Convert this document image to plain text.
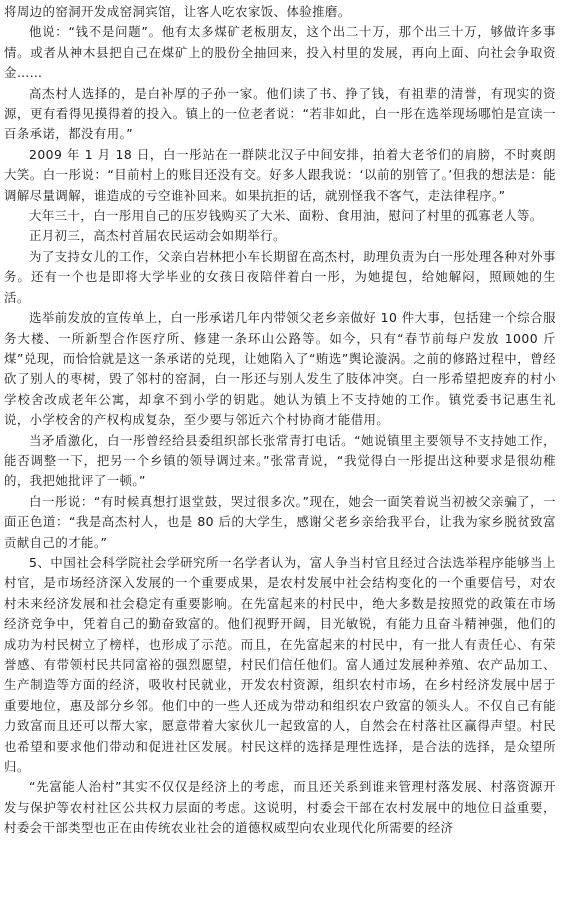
将周边的窑洞开发成窑洞宾馆，让客人吃农家饭、体验推磨。

他说：“钱不是问题”。他有太多煤矿老板朋友，这个出二十万，那个出三十万，够做许多事情。或者从神木县把自己在煤矿上的股份全抽回来，投入村里的发展，再向上面、向社会争取资金……

高杰村人选择的，是白补厚的子孙一家。他们读了书、挣了钱，有祖辈的清誉，有现实的资源，更有看得见摸得着的投入。镇上的一位老者说：“若非如此，白一彤在选举现场哪怕是宣读一百条承诺，都没有用。”

2009 年 1 月 18 日，白一彤站在一群陕北汉子中间安排，拍着大老爷们的肩膀，不时爽朗大笑。白一彤说：“目前村上的账目还没有交。好多人跟我说：‘以前的别管了。’但我的想法是：能调解尽量调解，谁造成的亏空谁补回来。如果抗拒的话，就别怪我不客气，走法律程序。”

大年三十，白一彤用自己的压岁钱购买了大米、面粉、食用油，慰问了村里的孤寡老人等。

正月初三，高杰村首届农民运动会如期举行。

为了支持女儿的工作，父亲白岩林把小车长期留在高杰村，助理负责为白一彤处理各种对外事务。还有一个也是即将大学毕业的女孩日夜陪伴着白一彤，为她提包，给她解闷，照顾她的生活。

选举前发放的宣传单上，白一彤承诺几年内带领父老乡亲做好 10 件大事，包括建一个综合服务大楼、一所新型合作医疗所、修建一条环山公路等。如今，只有“春节前每户发放 1000 斤煤”兑现，而恰恰就是这一条承诺的兑现，让她陷入了“贿选”舆论漩涡。之前的修路过程中，曾经砍了别人的枣树，毁了邻村的窑洞，白一彤还与别人发生了肢体冲突。白一彤希望把废弃的村小学校舍改成老年公寓，却拿不到小学的钥匙。她认为镇上不支持她的工作。镇党委书记惠生礼说，小学校舍的产权构成复杂，至少要与邻近六个村协商才能借用。

当矛盾激化，白一彤曾经给县委组织部长张常青打电话。“她说镇里主要领导不支持她工作，能否调整一下，把另一个乡镇的领导调过来。”张常青说，“我觉得白一彤提出这种要求是很幼稚的，我把她批评了一顿。”

白一彤说：“有时候真想打退堂鼓，哭过很多次。”现在，她会一面笑着说当初被父亲骗了，一面正色道：“我是高杰村人，也是 80 后的大学生，感谢父老乡亲给我平台，让我为家乡脱贫致富贡献自己的才能。”

5、中国社会科学院社会学研究所一名学者认为，富人争当村官且经过合法选举程序能够当上村官，是市场经济深入发展的一个重要成果，是农村发展中社会结构变化的一个重要信号，对农村未来经济发展和社会稳定有重要影响。在先富起来的村民中，绝大多数是按照党的政策在市场经济竞争中，凭着自己的勤奋致富的。他们视野开阔，目光敏锐，有能力且奋斗精神强，他们的成功为村民树立了榜样，也形成了示范。而且，在先富起来的村民中，有一批人有责任心、有荣誉感、有带领村民共同富裕的强烈愿望，村民们信任他们。富人通过发展种养殖、农产品加工、生产制造等方面的经济，吸收村民就业，开发农村资源，组织农村市场，在乡村经济发展中居于重要地位，惠及部分乡邻。他们中的一些人还成为带动和组织农户致富的领头人。不仅自己有能力致富而且还可以帮大家，愿意带着大家伙儿一起致富的人，自然会在村落社区赢得声望。村民也希望和要求他们带动和促进社区发展。村民这样的选择是理性选择，是合法的选择，是众望所归。

“先富能人治村”其实不仅仅是经济上的考虑，而且还关系到谁来管理村落发展、村落资源开发与保护等农村社区公共权力层面的考虑。这说明，村委会干部在农村发展中的地位日益重要，村委会干部类型也正在由传统农业社会的道德权威型向农业现代化所需要的经济
